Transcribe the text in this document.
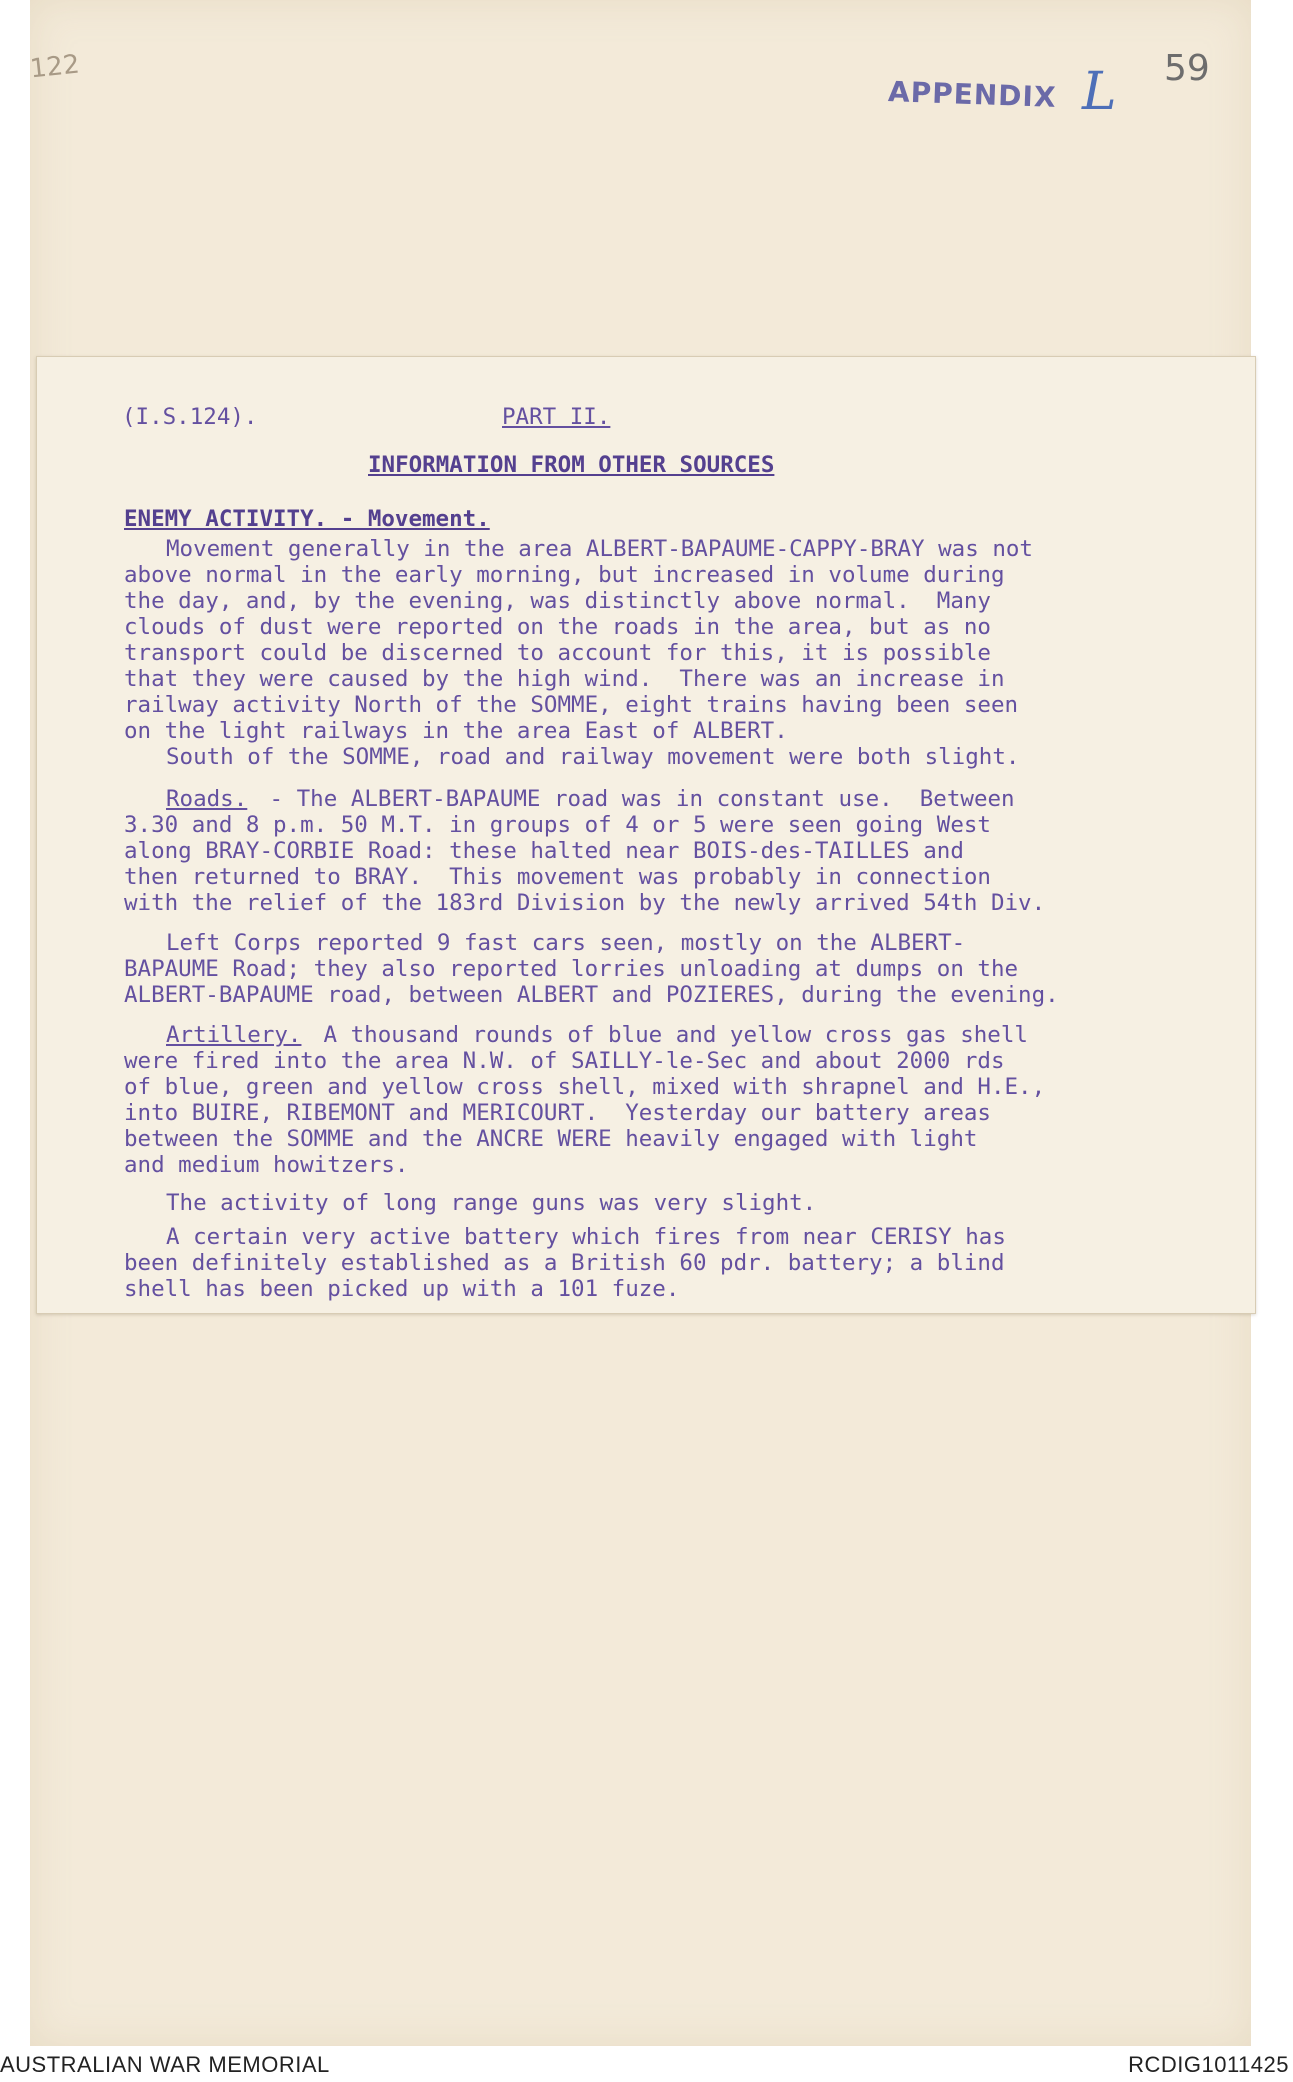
122
APPENDIX L 59
(I.S.124).	PART II.
INFORMATION FROM OTHER SOURCES
ENEMY ACTIVITY. - Movement.
Movement generally in the area ALBERT-BAPAUME-CAPPY-BRAY was not
above normal in the early morning, but increased in volume during
the day, and, by the evening, was distinctly above normal.  Many
clouds of dust were reported on the roads in the area, but as no
transport could be discerned to account for this, it is possible
that they were caused by the high wind.  There was an increase in
railway activity North of the SOMME, eight trains having been seen
on the light railways in the area East of ALBERT.
South of the SOMME, road and railway movement were both slight.
Roads. - The ALBERT-BAPAUME road was in constant use.  Between
3.30 and 8 p.m. 50 M.T. in groups of 4 or 5 were seen going West
along BRAY-CORBIE Road: these halted near BOIS-des-TAILLES and
then returned to BRAY.  This movement was probably in connection
with the relief of the 183rd Division by the newly arrived 54th Div.
Left Corps reported 9 fast cars seen, mostly on the ALBERT-
BAPAUME Road; they also reported lorries unloading at dumps on the
ALBERT-BAPAUME road, between ALBERT and POZIERES, during the evening.
Artillery. A thousand rounds of blue and yellow cross gas shell
were fired into the area N.W. of SAILLY-le-Sec and about 2000 rds
of blue, green and yellow cross shell, mixed with shrapnel and H.E.,
into BUIRE, RIBEMONT and MERICOURT.  Yesterday our battery areas
between the SOMME and the ANCRE WERE heavily engaged with light
and medium howitzers.
The activity of long range guns was very slight.
A certain very active battery which fires from near CERISY has
been definitely established as a British 60 pdr. battery; a blind
shell has been picked up with a 101 fuze.
AUSTRALIAN WAR MEMORIAL	RCDIG1011425
